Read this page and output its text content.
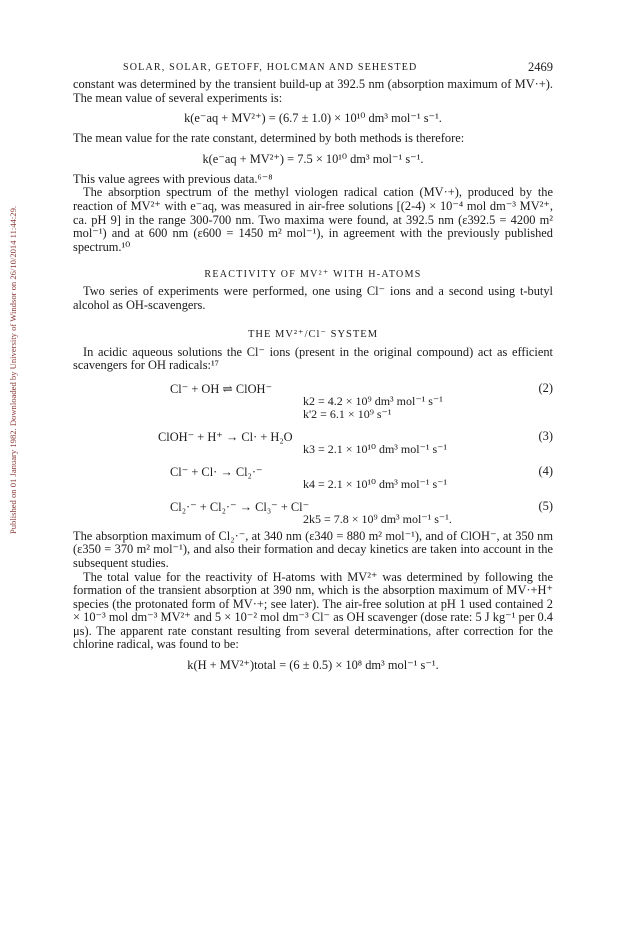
Published on 01 January 1982. Downloaded by University of Windsor on 26/10/2014 11:44:29.
SOLAR, SOLAR, GETOFF, HOLCMAN AND SEHESTED	2469

constant was determined by the transient build-up at 392.5 nm (absorption maximum of MV·+). The mean value of several experiments is:

k(e⁻aq + MV²⁺) = (6.7 ± 1.0) × 10¹⁰ dm³ mol⁻¹ s⁻¹.

The mean value for the rate constant, determined by both methods is therefore:

k(e⁻aq + MV²⁺) = 7.5 × 10¹⁰ dm³ mol⁻¹ s⁻¹.

This value agrees with previous data.⁶⁻⁸

The absorption spectrum of the methyl viologen radical cation (MV·+), produced by the reaction of MV²⁺ with e⁻aq, was measured in air-free solutions [(2-4) × 10⁻⁴ mol dm⁻³ MV²⁺, ca. pH 9] in the range 300-700 nm. Two maxima were found, at 392.5 nm (ε392.5 = 4200 m² mol⁻¹) and at 600 nm (ε600 = 1450 m² mol⁻¹), in agreement with the previously published spectrum.¹⁰

REACTIVITY OF MV²⁺ WITH H-ATOMS

Two series of experiments were performed, one using Cl⁻ ions and a second using t-butyl alcohol as OH-scavengers.

THE MV²⁺/Cl⁻ SYSTEM

In acidic aqueous solutions the Cl⁻ ions (present in the original compound) act as efficient scavengers for OH radicals:¹⁷

Cl⁻ + OH ⇌ ClOH⁻	(2)
k2 = 4.2 × 10⁹ dm³ mol⁻¹ s⁻¹
k'2 = 6.1 × 10⁹ s⁻¹
ClOH⁻ + H⁺ → Cl· + H₂O	(3)
k3 = 2.1 × 10¹⁰ dm³ mol⁻¹ s⁻¹
Cl⁻ + Cl· → Cl₂·⁻	(4)
k4 = 2.1 × 10¹⁰ dm³ mol⁻¹ s⁻¹
Cl₂·⁻ + Cl₂·⁻ → Cl₃⁻ + Cl⁻	(5)
2k5 = 7.8 × 10⁹ dm³ mol⁻¹ s⁻¹.

The absorption maximum of Cl₂·⁻, at 340 nm (ε340 = 880 m² mol⁻¹), and of ClOH⁻, at 350 nm (ε350 = 370 m² mol⁻¹), and also their formation and decay kinetics are taken into account in the subsequent studies.

The total value for the reactivity of H-atoms with MV²⁺ was determined by following the formation of the transient absorption at 390 nm, which is the absorption maximum of MV·+H⁺ species (the protonated form of MV·+; see later). The air-free solution at pH 1 used contained 2 × 10⁻³ mol dm⁻³ MV²⁺ and 5 × 10⁻² mol dm⁻³ Cl⁻ as OH scavenger (dose rate: 5 J kg⁻¹ per 0.4 μs). The apparent rate constant resulting from several determinations, after correction for the chlorine radical, was found to be:

k(H + MV²⁺)total = (6 ± 0.5) × 10⁸ dm³ mol⁻¹ s⁻¹.
